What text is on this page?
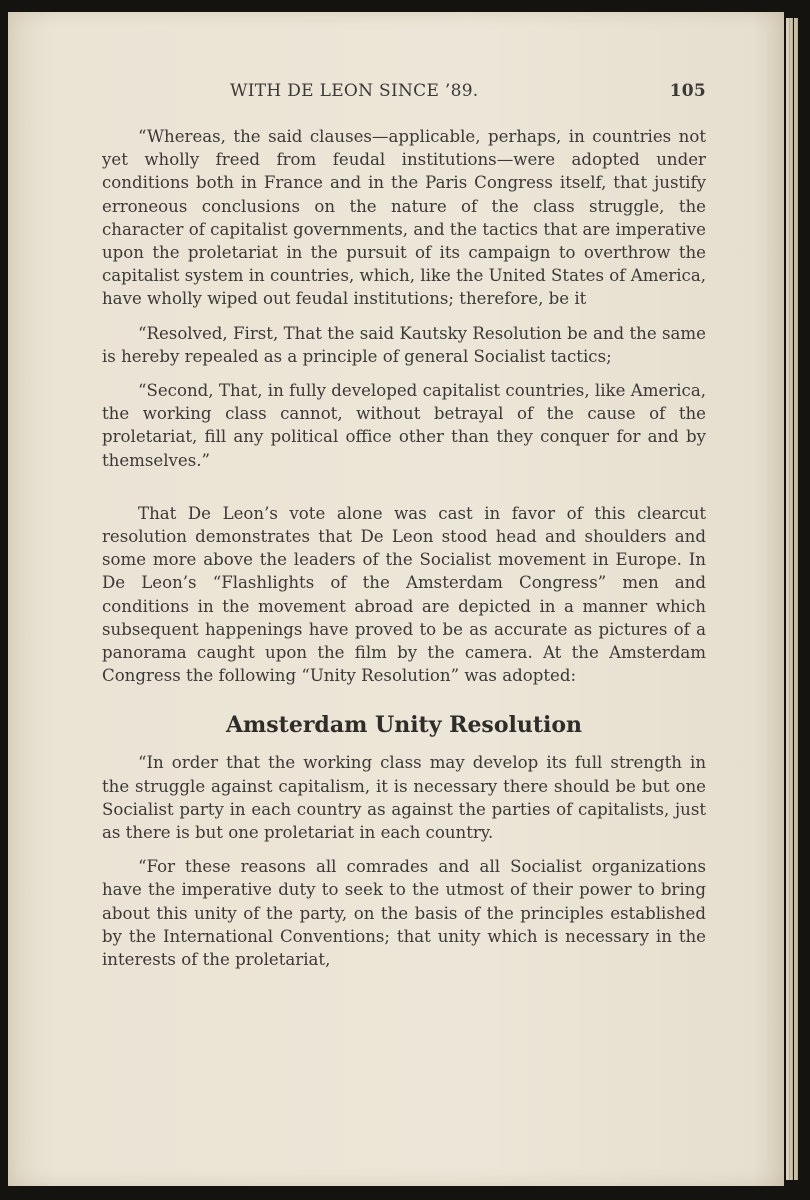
WITH DE LEON SINCE ’89.	105

“Whereas, the said clauses—applicable, perhaps, in countries not yet wholly freed from feudal institutions—were adopted under conditions both in France and in the Paris Congress itself, that justify erroneous conclusions on the nature of the class struggle, the character of capitalist governments, and the tactics that are imperative upon the proletariat in the pursuit of its campaign to overthrow the capitalist system in countries, which, like the United States of America, have wholly wiped out feudal institutions; therefore, be it

“Resolved, First, That the said Kautsky Resolution be and the same is hereby repealed as a principle of general Socialist tactics;

“Second, That, in fully developed capitalist countries, like America, the working class cannot, without betrayal of the cause of the proletariat, fill any political office other than they conquer for and by themselves.”

That De Leon’s vote alone was cast in favor of this clearcut resolution demonstrates that De Leon stood head and shoulders and some more above the leaders of the Socialist movement in Europe. In De Leon’s “Flashlights of the Amsterdam Congress” men and conditions in the movement abroad are depicted in a manner which subsequent happenings have proved to be as accurate as pictures of a panorama caught upon the film by the camera. At the Amsterdam Congress the following “Unity Resolution” was adopted:

Amsterdam Unity Resolution

“In order that the working class may develop its full strength in the struggle against capitalism, it is necessary there should be but one Socialist party in each country as against the parties of capitalists, just as there is but one proletariat in each country.

“For these reasons all comrades and all Socialist organizations have the imperative duty to seek to the utmost of their power to bring about this unity of the party, on the basis of the principles established by the International Conventions; that unity which is necessary in the interests of the proletariat,
